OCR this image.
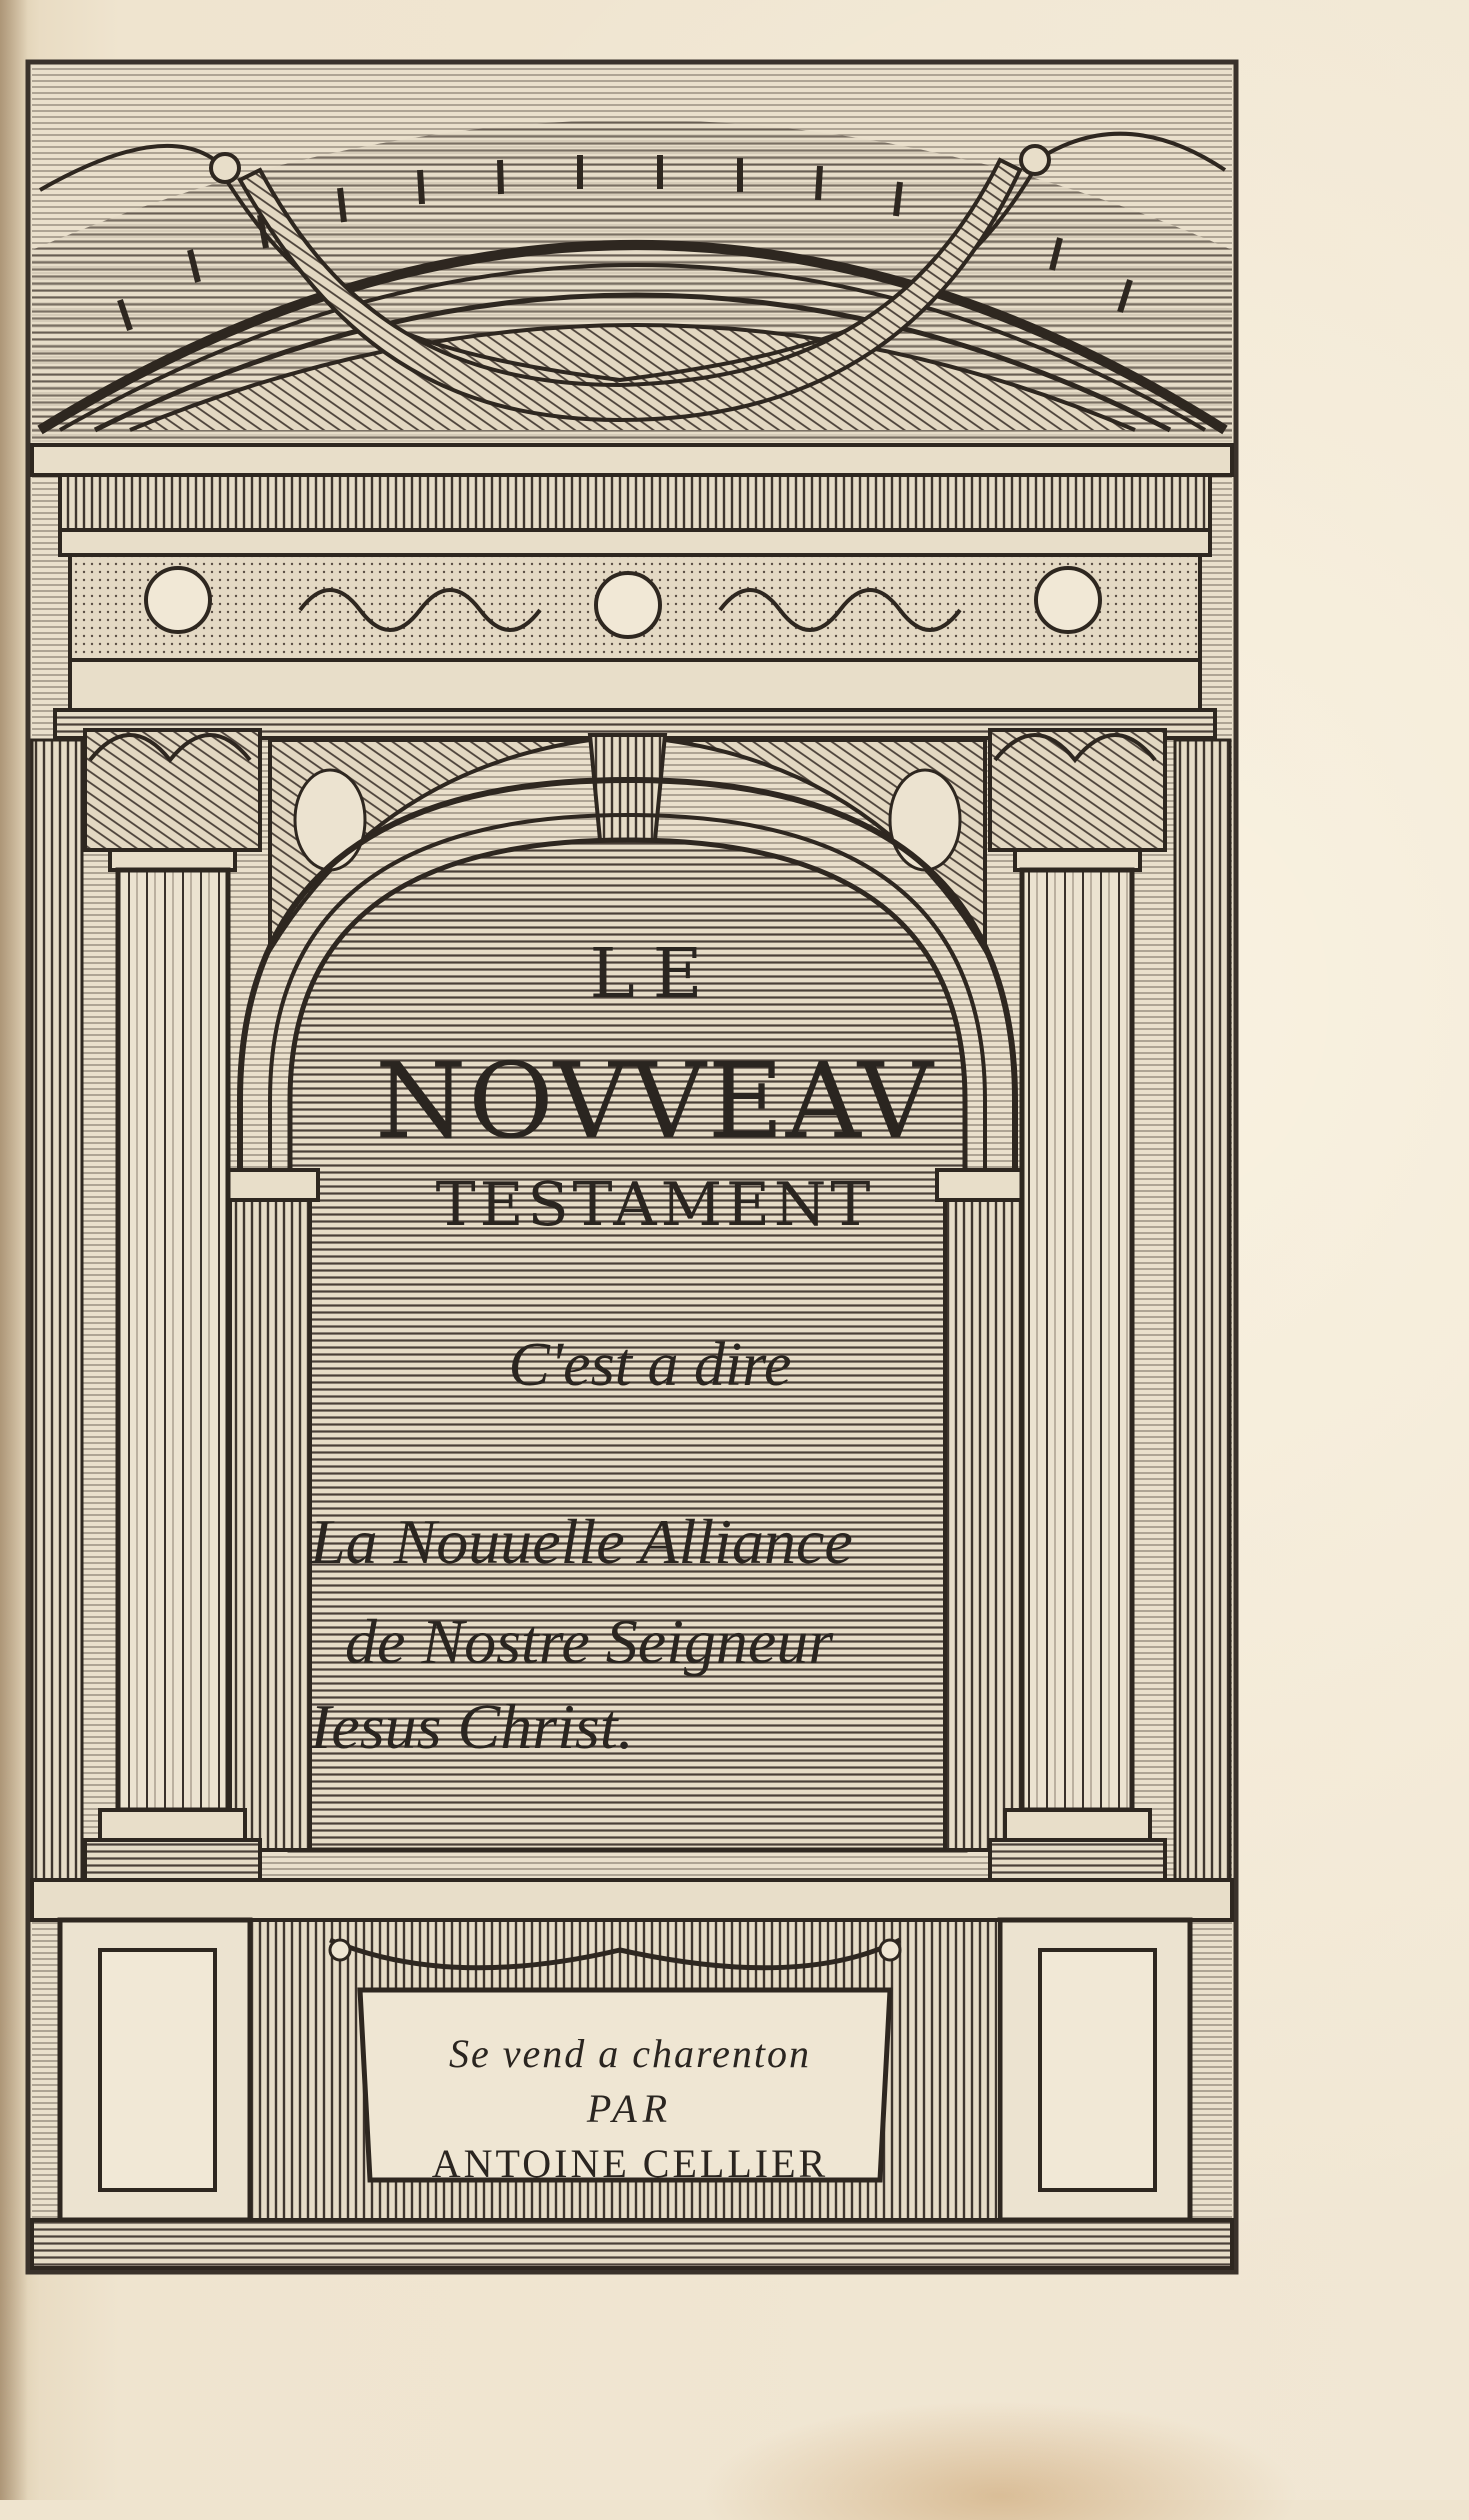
LE

NOVVEAV

TESTAMENT

C'est a dire

La Nouuelle Alliance

de Nostre Seigneur

Iesus Christ.

Se vend a charenton

PAR

ANTOINE CELLIER
